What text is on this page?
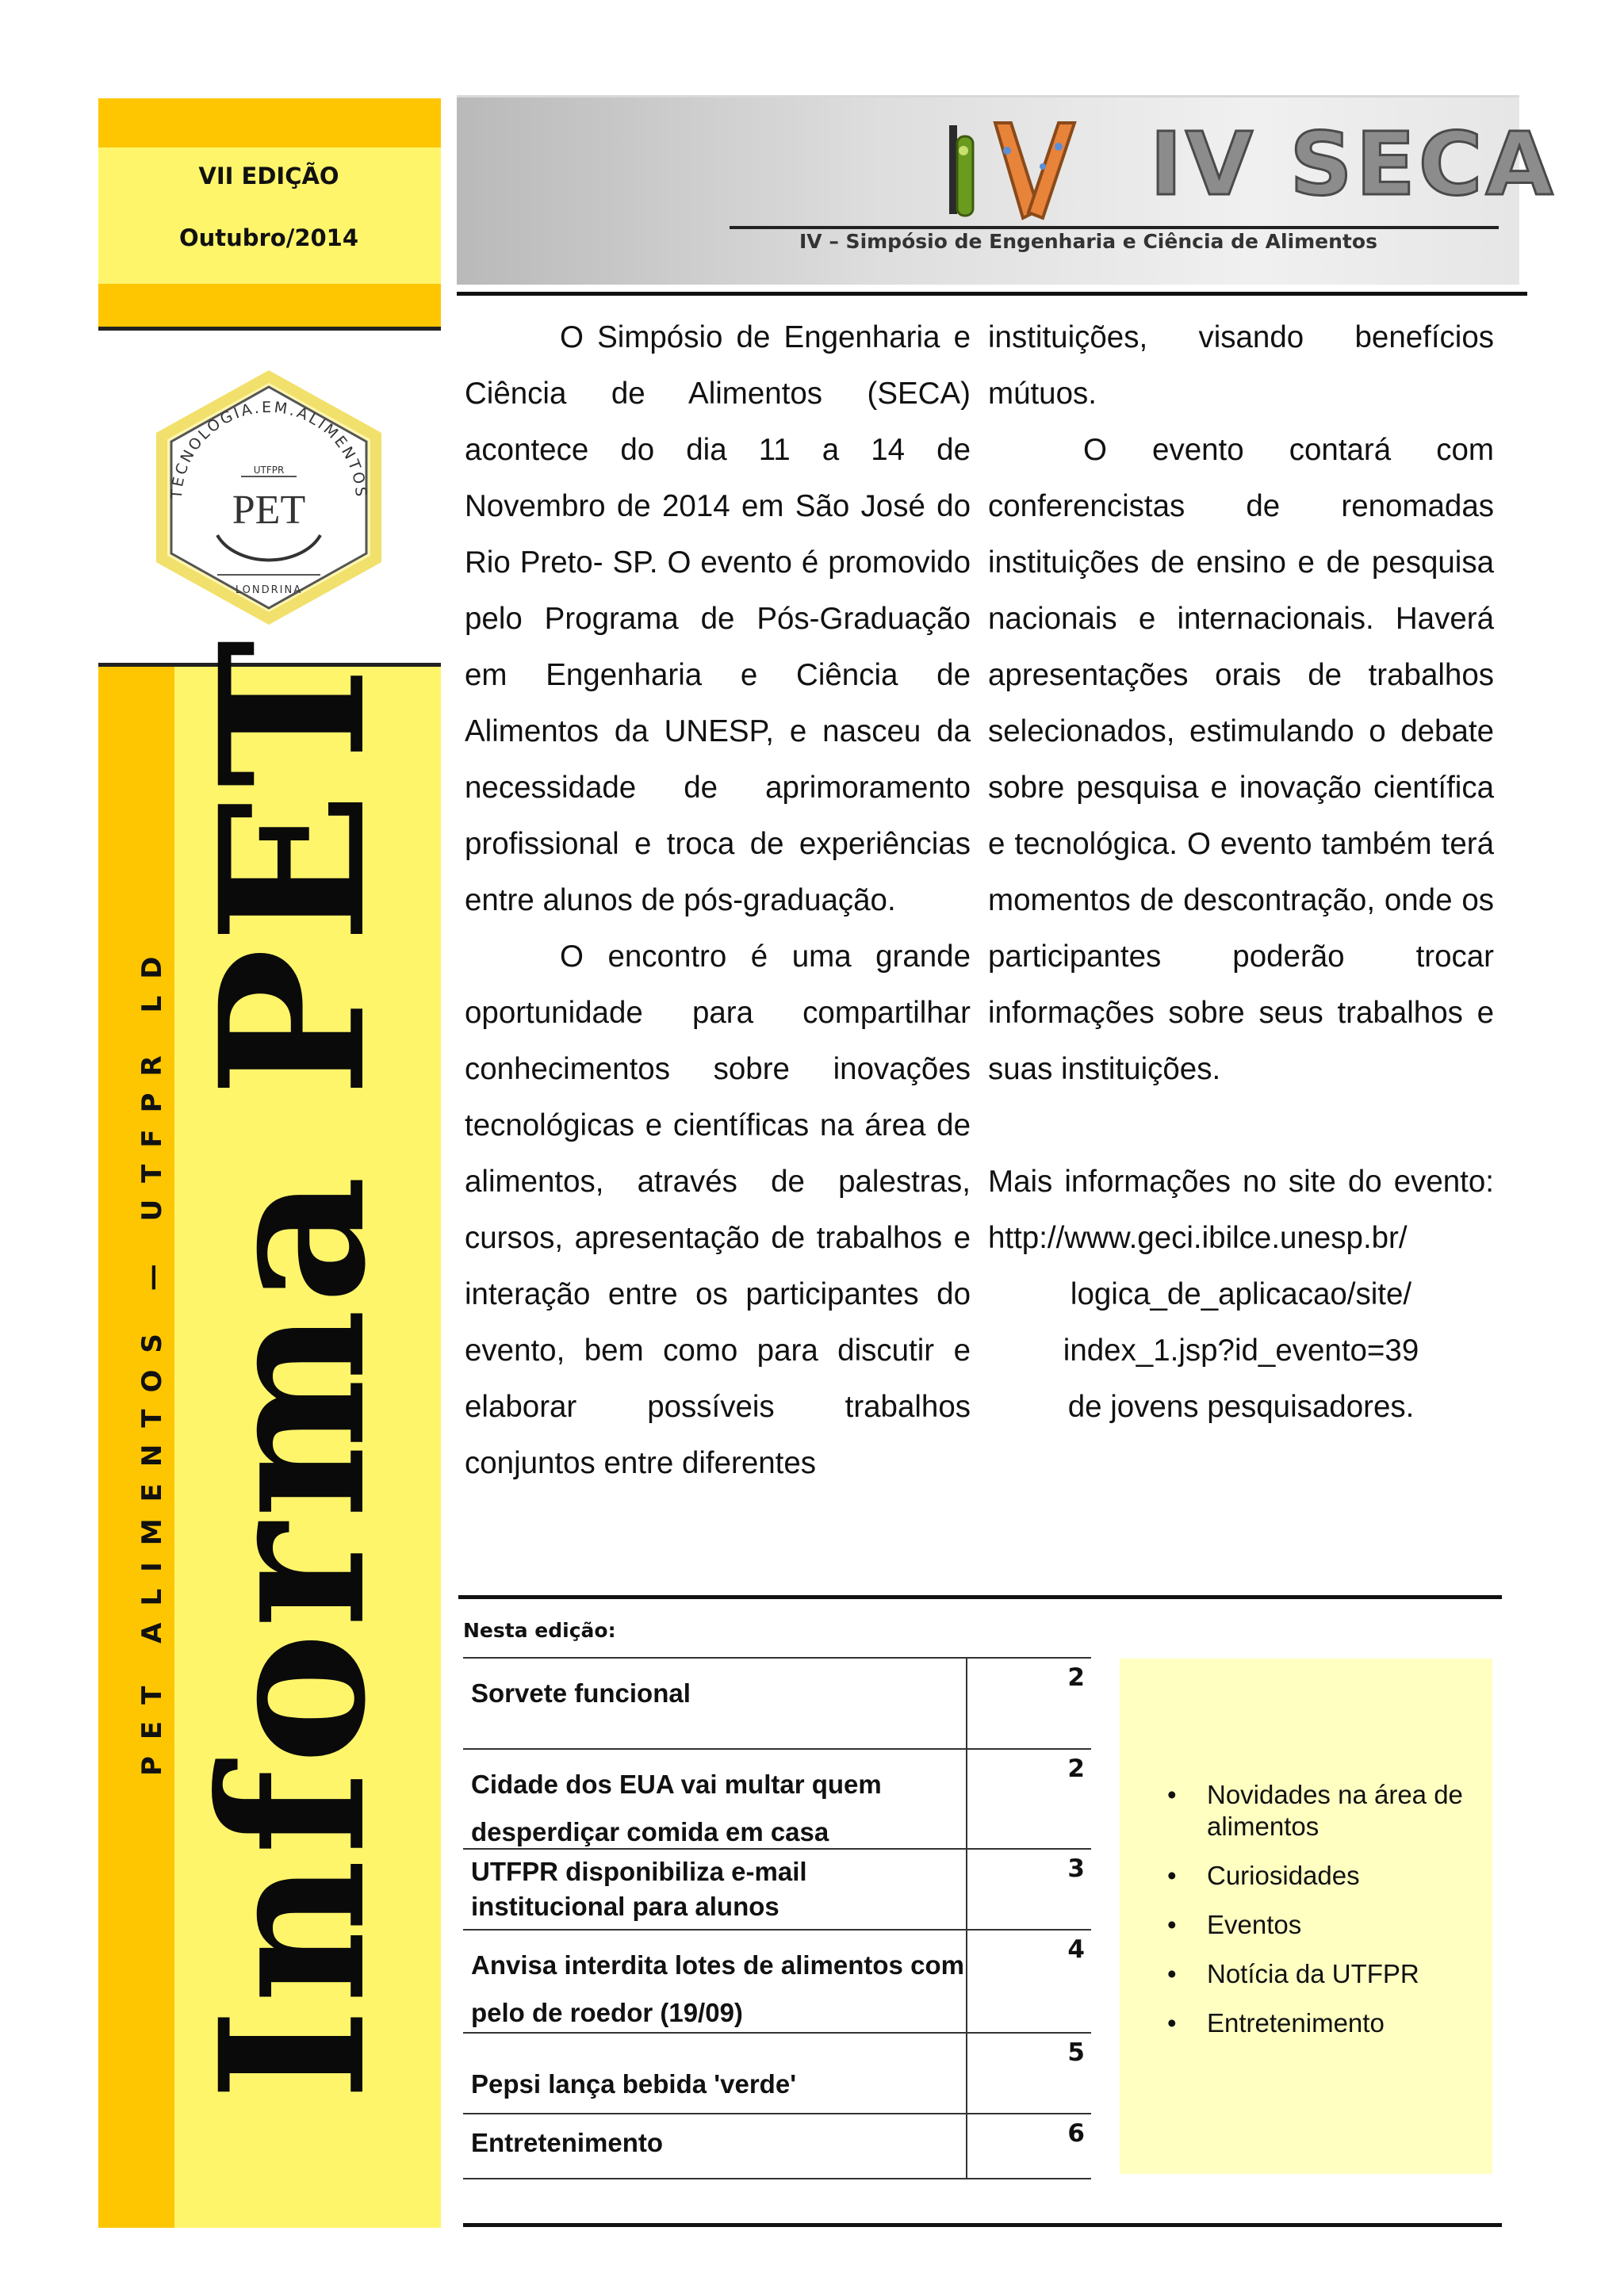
VII EDIÇÃO
Outubro/2014
TECNOLOGIA.EM.ALIMENTOS
UTFPR
PET
LONDRINA
PET ALIMENTOS — UTFPR LD Informa PET
IV SECA
IV – Simpósio de Engenharia e Ciência de Alimentos

O Simpósio de Engenharia e Ciência de Alimentos (SECA) acontece do dia 11 a 14 de Novembro de 2014 em São José do Rio Preto- SP. O evento é promovido pelo Programa de Pós-Graduação em Engenharia e Ciência de Alimentos da UNESP, e nasceu da necessidade de aprimoramento profissional e troca de experiências entre alunos de pós-graduação.

O encontro é uma grande oportunidade para compartilhar conhecimentos sobre inovações tecnológicas e científicas na área de alimentos, através de palestras, cursos, apresentação de trabalhos e interação entre os participantes do evento, bem como para discutir e elaborar possíveis trabalhos conjuntos entre diferentes

instituições, visando benefícios mútuos.

O evento contará com conferencistas de renomadas instituições de ensino e de pesquisa nacionais e internacionais. Haverá apresentações orais de trabalhos selecionados, estimulando o debate sobre pesquisa e inovação científica e tecnológica. O evento também terá momentos de descontração, onde os participantes poderão trocar informações sobre seus trabalhos e suas instituições.

Mais informações no site do evento: http://www.geci.ibilce.unesp.br/

logica_de_aplicacao/site/

index_1.jsp?id_evento=39

de jovens pesquisadores.

Nesta edição:
Sorvete funcional
2
Cidade dos EUA vai multar quem desperdiçar comida em casa
2
UTFPR disponibiliza e-mail institucional para alunos
3
Anvisa interdita lotes de alimentos com pelo de roedor (19/09)
4
Pepsi lança bebida 'verde'
5
Entretenimento	6
• Novidades na área de alimentos
• Curiosidades
• Eventos
• Notícia da UTFPR
• Entretenimento
